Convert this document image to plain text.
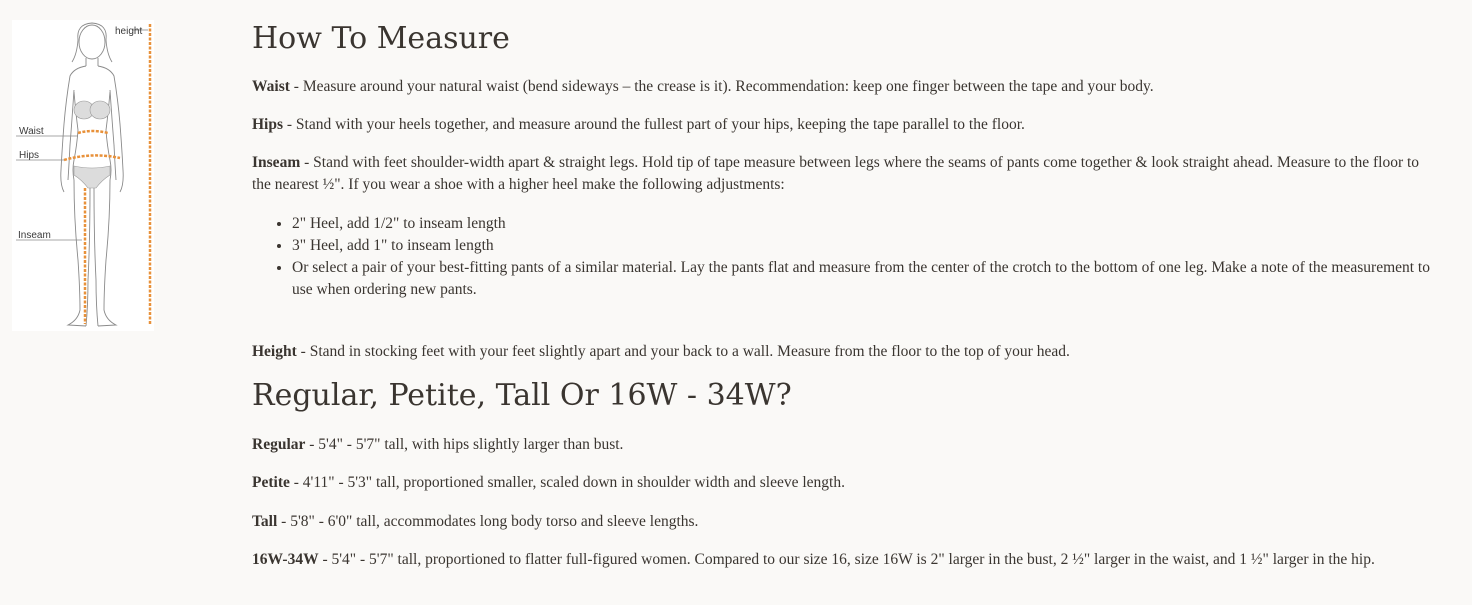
height
Waist
Hips
Inseam
How To Measure

Waist - Measure around your natural waist (bend sideways – the crease is it). Recommendation: keep one finger between the tape and your body.

Hips - Stand with your heels together, and measure around the fullest part of your hips, keeping the tape parallel to the floor.

Inseam - Stand with feet shoulder-width apart & straight legs. Hold tip of tape measure between legs where the seams of pants come together & look straight ahead. Measure to the floor to the nearest ½". If you wear a shoe with a higher heel make the following adjustments:

• 2" Heel, add 1/2" to inseam length
• 3" Heel, add 1" to inseam length
• Or select a pair of your best-fitting pants of a similar material. Lay the pants flat and measure from the center of the crotch to the bottom of one leg. Make a note of the measurement to use when ordering new pants.

Height - Stand in stocking feet with your feet slightly apart and your back to a wall. Measure from the floor to the top of your head.

Regular, Petite, Tall Or 16W - 34W?

Regular - 5'4" - 5'7" tall, with hips slightly larger than bust.

Petite - 4'11" - 5'3" tall, proportioned smaller, scaled down in shoulder width and sleeve length.

Tall - 5'8" - 6'0" tall, accommodates long body torso and sleeve lengths.

16W-34W - 5'4" - 5'7" tall, proportioned to flatter full-figured women. Compared to our size 16, size 16W is 2" larger in the bust, 2 ½" larger in the waist, and 1 ½" larger in the hip.
